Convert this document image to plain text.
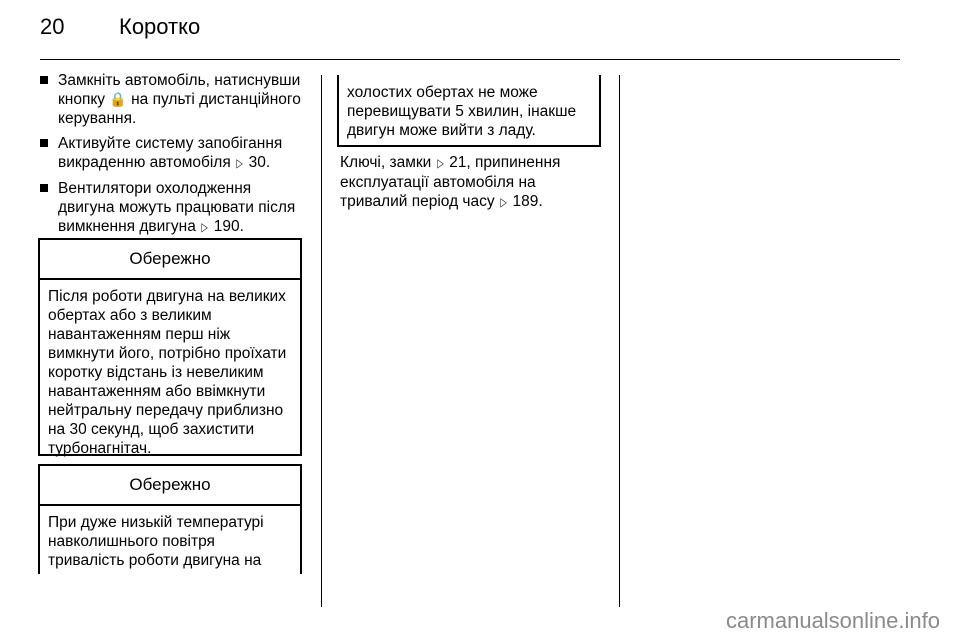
20 Коротко
Замкніть автомобіль, натиснувши кнопку 🔒 на пульті дистанційного керування.
Активуйте систему запобігання викраденню автомобіля ▷ 30.
Вентилятори охолодження двигуна можуть працювати після вимкнення двигуна ▷ 190.
Обережно
Після роботи двигуна на великих обертах або з великим навантаженням перш ніж вимкнути його, потрібно проїхати коротку відстань із невеликим навантаженням або ввімкнути нейтральну передачу приблизно на 30 секунд, щоб захистити турбонагнітач.
Обережно
При дуже низькій температурі навколишнього повітря тривалість роботи двигуна на
холостих обертах не може перевищувати 5 хвилин, інакше двигун може вийти з ладу.
Ключі, замки ▷ 21, припинення експлуатації автомобіля на тривалий період часу ▷ 189.
carmanualsonline.info
